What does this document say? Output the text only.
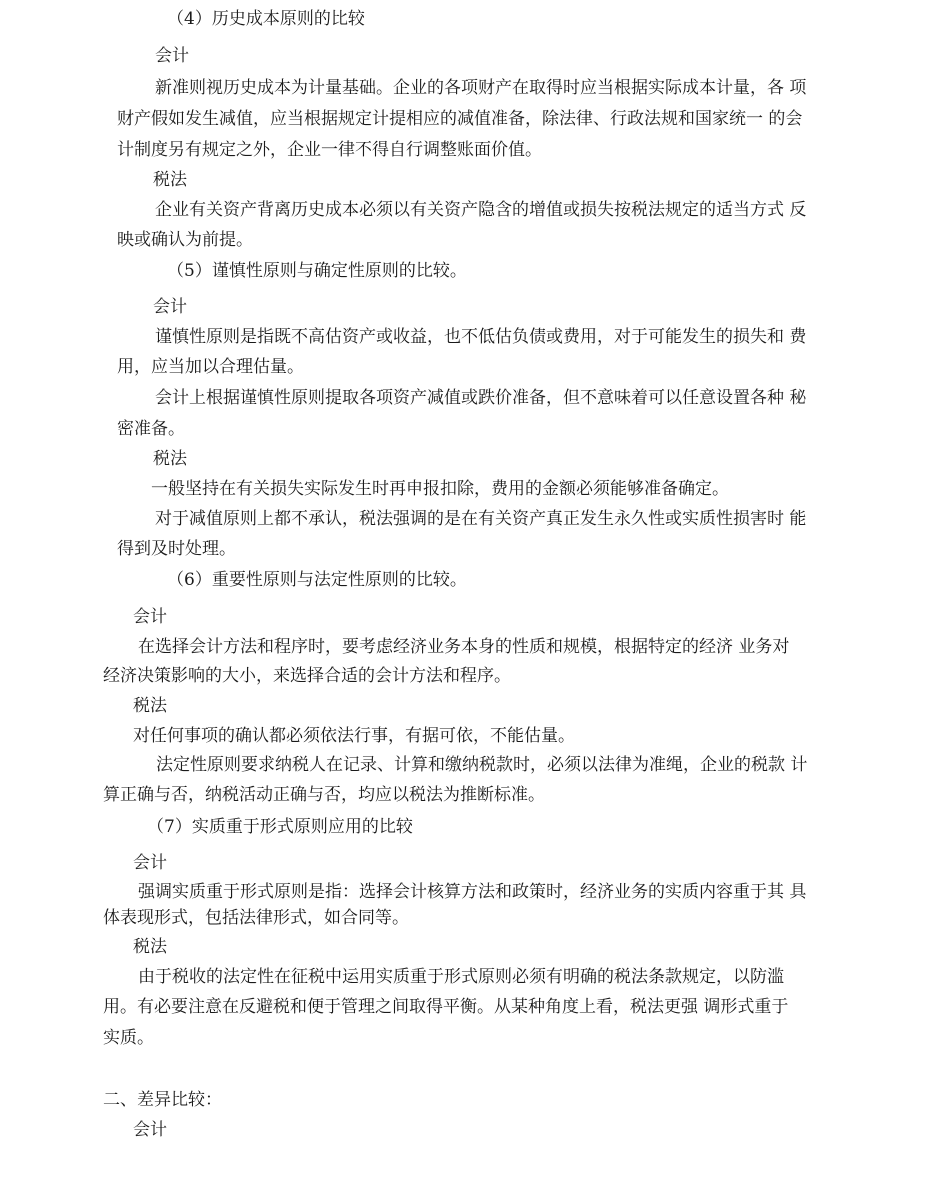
（4）历史成本原则的比较

会计

新准则视历史成本为计量基础。企业的各项财产在取得时应当根据实际成本计量，各 项

财产假如发生减值，应当根据规定计提相应的减值准备，除法律、行政法规和国家统一 的会

计制度另有规定之外，企业一律不得自行调整账面价值。

税法

企业有关资产背离历史成本必须以有关资产隐含的增值或损失按税法规定的适当方式 反

映或确认为前提。

（5）谨慎性原则与确定性原则的比较。

会计

谨慎性原则是指既不高估资产或收益，也不低估负债或费用，对于可能发生的损失和 费

用，应当加以合理估量。

会计上根据谨慎性原则提取各项资产减值或跌价准备，但不意味着可以任意设置各种 秘

密准备。

税法

一般坚持在有关损失实际发生时再申报扣除，费用的金额必须能够准备确定。

对于减值原则上都不承认，税法强调的是在有关资产真正发生永久性或实质性损害时 能

得到及时处理。

（6）重要性原则与法定性原则的比较。

会计

在选择会计方法和程序时，要考虑经济业务本身的性质和规模，根据特定的经济 业务对

经济决策影响的大小，来选择合适的会计方法和程序。

税法

对任何事项的确认都必须依法行事，有据可依，不能估量。

法定性原则要求纳税人在记录、计算和缴纳税款时，必须以法律为准绳，企业的税款 计

算正确与否，纳税活动正确与否，均应以税法为推断标准。

（7）实质重于形式原则应用的比较

会计

强调实质重于形式原则是指：选择会计核算方法和政策时，经济业务的实质内容重于其 具

体表现形式，包括法律形式，如合同等。

税法

由于税收的法定性在征税中运用实质重于形式原则必须有明确的税法条款规定，以防滥

用。有必要注意在反避税和便于管理之间取得平衡。从某种角度上看，税法更强 调形式重于

实质。

二、差异比较：

会计
